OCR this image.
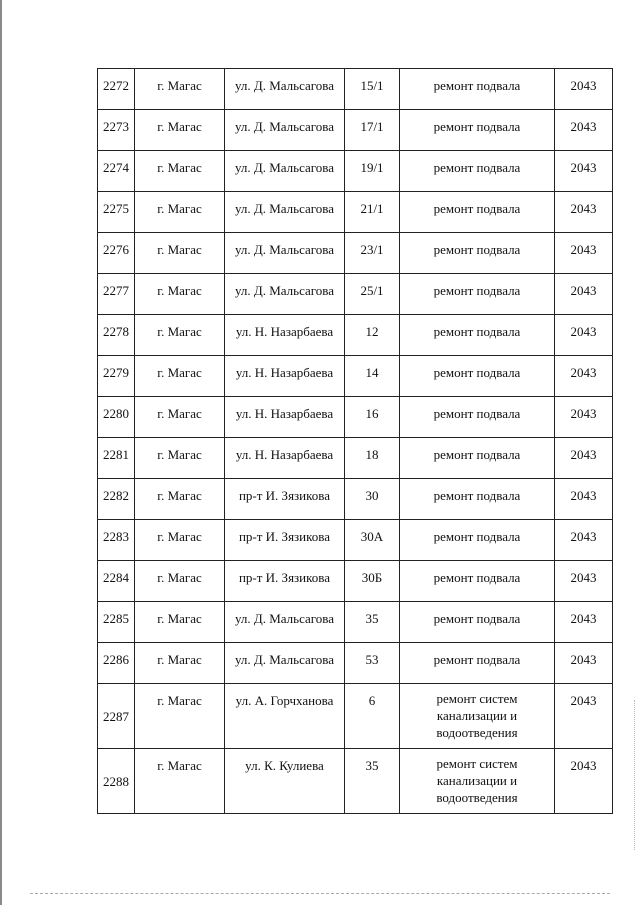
2272	г. Магас	ул. Д. Мальсагова	15/1	ремонт подвала	2043
2273	г. Магас	ул. Д. Мальсагова	17/1	ремонт подвала	2043
2274	г. Магас	ул. Д. Мальсагова	19/1	ремонт подвала	2043
2275	г. Магас	ул. Д. Мальсагова	21/1	ремонт подвала	2043
2276	г. Магас	ул. Д. Мальсагова	23/1	ремонт подвала	2043
2277	г. Магас	ул. Д. Мальсагова	25/1	ремонт подвала	2043
2278	г. Магас	ул. Н. Назарбаева	12	ремонт подвала	2043
2279	г. Магас	ул. Н. Назарбаева	14	ремонт подвала	2043
2280	г. Магас	ул. Н. Назарбаева	16	ремонт подвала	2043
2281	г. Магас	ул. Н. Назарбаева	18	ремонт подвала	2043
2282	г. Магас	пр-т И. Зязикова	30	ремонт подвала	2043
2283	г. Магас	пр-т И. Зязикова	30А	ремонт подвала	2043
2284	г. Магас	пр-т И. Зязикова	30Б	ремонт подвала	2043
2285	г. Магас	ул. Д. Мальсагова	35	ремонт подвала	2043
2286	г. Магас	ул. Д. Мальсагова	53	ремонт подвала	2043
2287	г. Магас	ул. А. Горчханова	6	ремонт систем канализации и водоотведения	2043
2288	г. Магас	ул. К. Кулиева	35	ремонт систем канализации и водоотведения	2043
